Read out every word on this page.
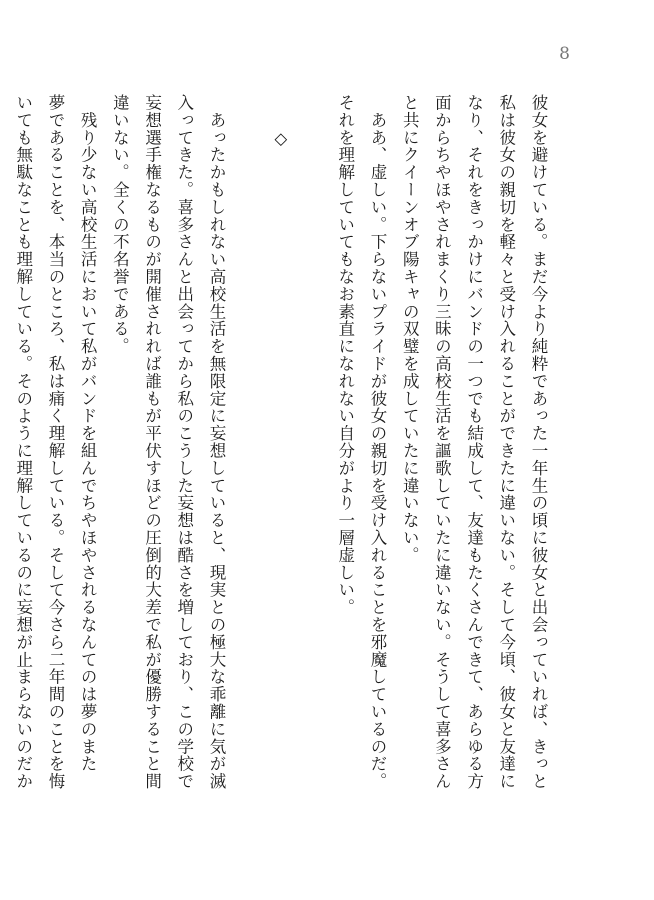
8

彼女を避けている。まだ今より純粋であった一年生の頃に彼女と出会っていれば、きっと

私は彼女の親切を軽々と受け入れることができたに違いない。そして今頃、彼女と友達に

なり、それをきっかけにバンドの一つでも結成して、友達もたくさんできて、あらゆる方

面からちやほやされまくり三昧の高校生活を謳歌していたに違いない。そうして喜多さん

と共にクイーンオブ陽キャの双璧を成していたに違いない。

　ああ、虚しい。下らないプライドが彼女の親切を受け入れることを邪魔しているのだ。

それを理解していてもなお素直になれない自分がより一層虚しい。

　　◇

　あったかもしれない高校生活を無限定に妄想していると、現実との極大な乖離に気が滅

入ってきた。喜多さんと出会ってから私のこうした妄想は酷さを増しており、この学校で

妄想選手権なるものが開催されれば誰もが平伏すほどの圧倒的大差で私が優勝すること間

違いない。全くの不名誉である。

　残り少ない高校生活において私がバンドを組んでちやほやされるなんてのは夢のまた

夢であることを、本当のところ、私は痛く理解している。そして今さら二年間のことを悔

いても無駄なことも理解している。そのように理解しているのに妄想が止まらないのだか
